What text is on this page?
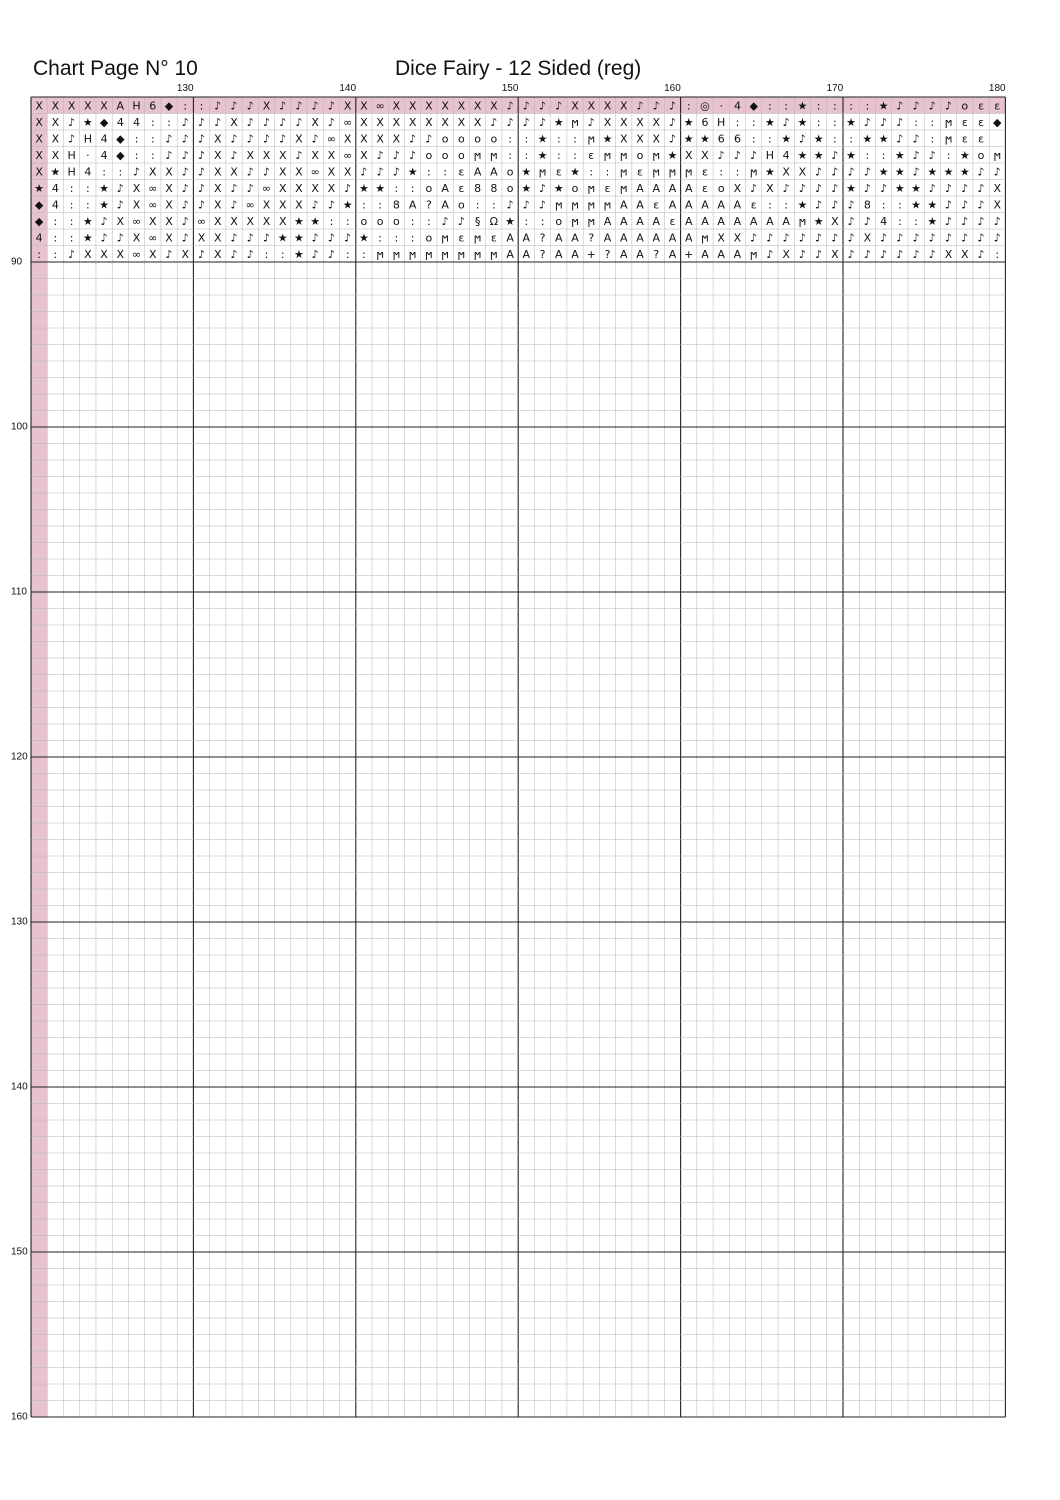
Chart Page N° 10	Dice Fairy - 12 Sided (reg)
130	140	150	160	170	180
90
100
110
120
130
140
150
160
X X X X X A H 6 ◆ : : ♪ ♪ ♪ X ♪ ♪ ♪ ♪ X X ∞ X X X X X X X ♪ ♪ ♪ ♪ X X X X ♪ ♪ ♪ : ◎ · 4 ◆ : : ★ : : : : ★ ♪ ♪ ♪ ♪ o ε ε
X X ♪ ★ ◆ 4 4 : : ♪ ♪ ♪ X ♪ ♪ ♪ ♪ X ♪ ∞ X X X X X X X X ♪ ♪ ♪ ♪ ★ ϻ ♪ X X X X ♪ ★ 6 H : : ★ ♪ ★ : : ★ ♪ ♪ ♪ : : ϻ ε ε ◆
X X ♪ H 4 ◆ : : ♪ ♪ ♪ X ♪ ♪ ♪ ♪ X ♪ ∞ X X X X ♪ ♪ o o o o : : ★ : : ϻ ★ X X X ♪ ★ ★ 6 6 : : ★ ♪ ★ : : ★ ★ ♪ ♪ : ϻ ε ε
X X H · 4 ◆ : : ♪ ♪ ♪ X ♪ X X X ♪ X X ∞ X ♪ ♪ ♪ o o o ϻ ϻ : : ★ : : ε ϻ ϻ o ϻ ★ X X ♪ ♪ ♪ H 4 ★ ★ ♪ ★ : : ★ ♪ ♪ : ★ o ϻ
X ★ H 4 : : ♪ X X ♪ ♪ X X ♪ ♪ X X ∞ X X ♪ ♪ ♪ ★ : : ε A A o ★ ϻ ε ★ : : ϻ ε ϻ ϻ ϻ ε : : ϻ ★ X X ♪ ♪ ♪ ♪ ★ ★ ♪ ★ ★ ★ ♪ ♪
★ 4 : : ★ ♪ X ∞ X ♪ ♪ X ♪ ♪ ∞ X X X X ♪ ★ ★ : : o A ε 8 8 o ★ ♪ ★ o ϻ ε ϻ A A A A ε o X ♪ X ♪ ♪ ♪ ♪ ★ ♪ ♪ ★ ★ ♪ ♪ ♪ ♪ X
◆ 4 : : ★ ♪ X ∞ X ♪ ♪ X ♪ ∞ X X X ♪ ♪ ★ : : 8 A ? A o : : ♪ ♪ ♪ ϻ ϻ ϻ ϻ A A ε A A A A A ε : : ★ ♪ ♪ ♪ 8 : : ★ ★ ♪ ♪ ♪ X
◆ : : ★ ♪ X ∞ X X ♪ ∞ X X X X X ★ ★ : : o o o : : ♪ ♪ § Ω ★ : : o ϻ ϻ A A A A ε A A A A A A A ϻ ★ X ♪ ♪ 4 : : ★ ♪ ♪ ♪ ♪
4 : : ★ ♪ ♪ X ∞ X ♪ X X ♪ ♪ ♪ ★ ★ ♪ ♪ ♪ ★ : : : o ϻ ε ϻ ε A A ? A A ? A A A A A A ϻ X X ♪ ♪ ♪ ♪ ♪ ♪ ♪ X ♪ ♪ ♪ ♪ ♪ ♪ ♪ ♪
: : ♪ X X X ∞ X ♪ X ♪ X ♪ ♪ : : ★ ♪ ♪ : : ϻ ϻ ϻ ϻ ϻ ϻ ϻ ϻ A A ? A A + ? A A ? A + A A A ϻ ♪ X ♪ ♪ X ♪ ♪ ♪ ♪ ♪ ♪ X X ♪ :
